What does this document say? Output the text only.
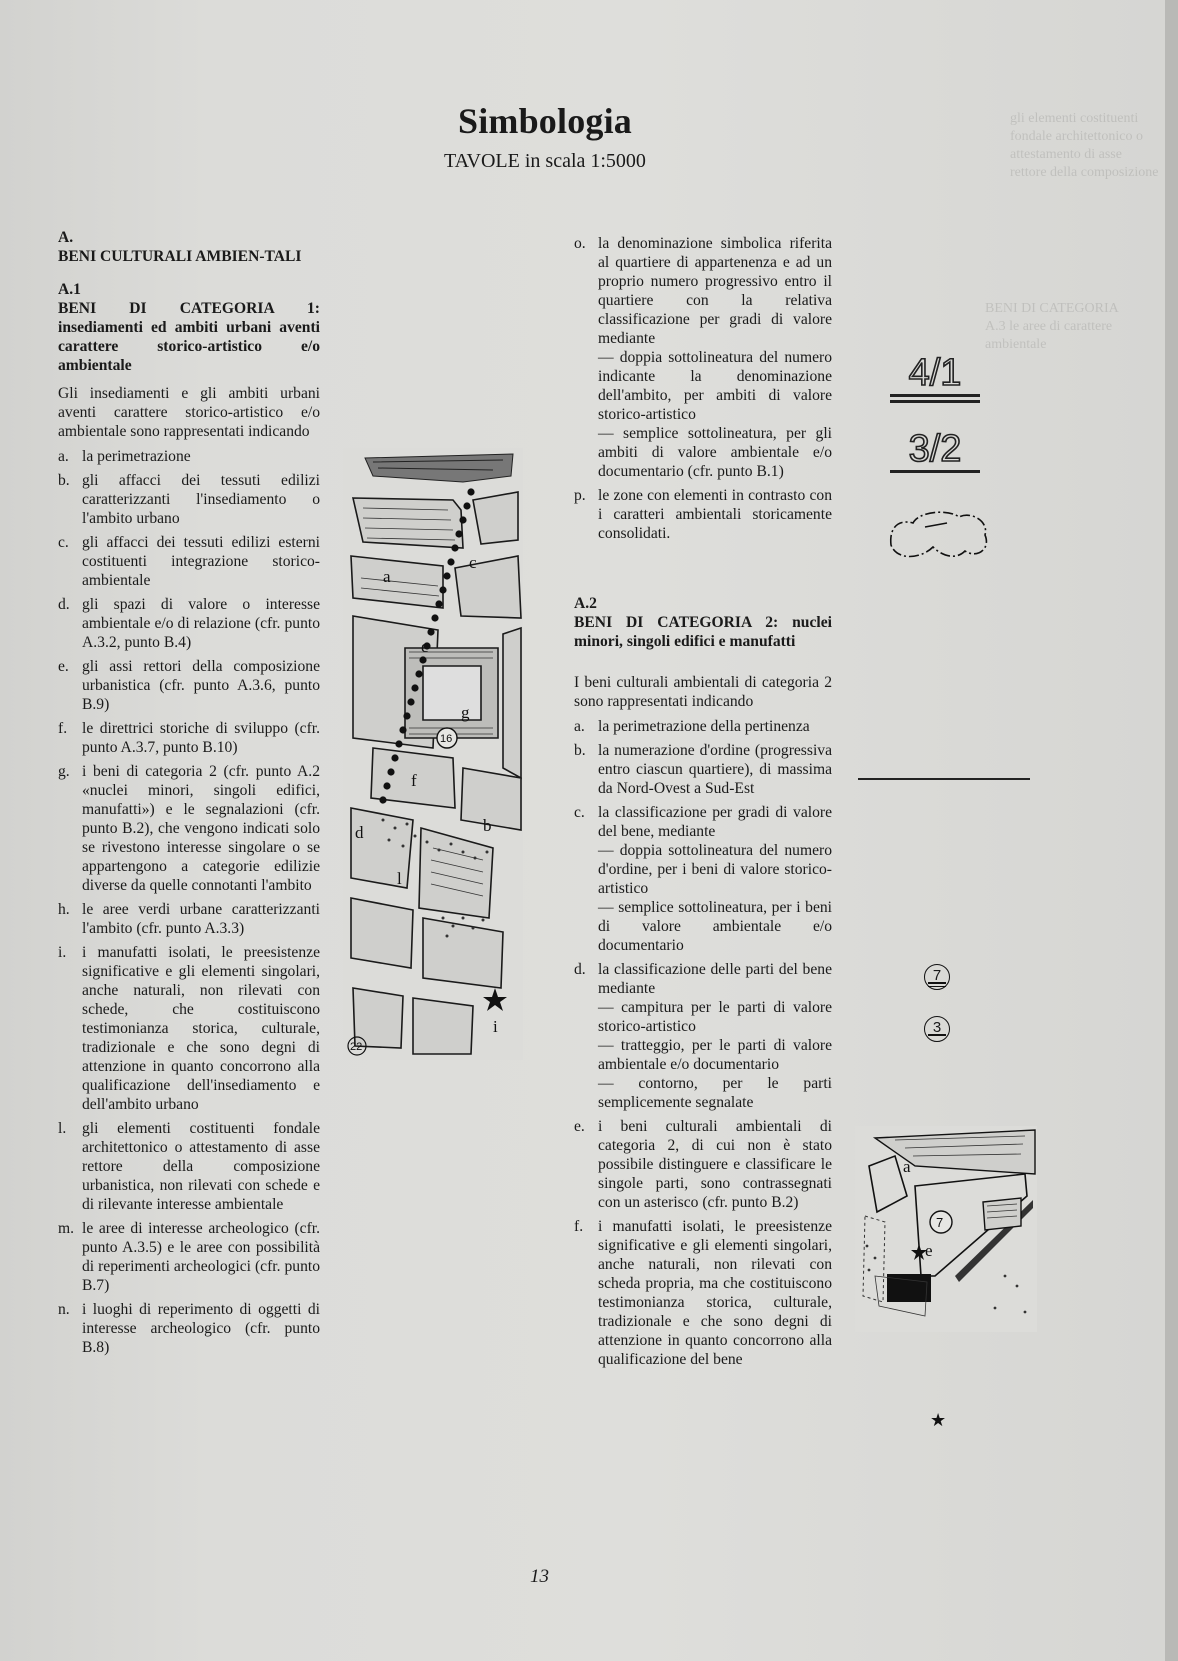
gli elementi costituenti fondale architettonico o attestamento di asse rettore della composizione
BENI DI CATEGORIA A.3 le aree di carattere ambientale
Simbologia
TAVOLE in scala 1:5000
A.
BENI CULTURALI AMBIEN-TALI
A.1
BENI DI CATEGORIA 1: insediamenti ed ambiti urbani aventi carattere storico-artistico e/o ambientale

Gli insediamenti e gli ambiti urbani aventi carattere storico-artistico e/o ambientale sono rappresentati indicando

a. la perimetrazione
b. gli affacci dei tessuti edilizi caratterizzanti l'insediamento o l'ambito urbano
c. gli affacci dei tessuti edilizi esterni costituenti integrazione storico-ambientale
d. gli spazi di valore o interesse ambientale e/o di relazione (cfr. punto A.3.2, punto B.4)
e. gli assi rettori della composizione urbanistica (cfr. punto A.3.6, punto B.9)
f. le direttrici storiche di sviluppo (cfr. punto A.3.7, punto B.10)
g. i beni di categoria 2 (cfr. punto A.2 «nuclei minori, singoli edifici, manufatti») e le segnalazioni (cfr. punto B.2), che vengono indicati solo se rivestono interesse singolare o se appartengono a categorie edilizie diverse da quelle connotanti l'ambito
h. le aree verdi urbane caratterizzanti l'ambito (cfr. punto A.3.3)
i.	i manufatti isolati, le preesistenze significative e gli elementi singolari, anche naturali, non rilevati con schede, che costituiscono testimonianza storica, culturale, tradizionale e che sono degni di attenzione in quanto concorrono alla qualificazione dell'insediamento e dell'ambito urbano
l.	gli elementi costituenti fondale architettonico o attestamento di asse rettore della composizione urbanistica, non rilevati con schede e di rilevante interesse ambientale
m. le aree di interesse archeologico (cfr. punto A.3.5) e le aree con possibilità di reperimenti archeologici (cfr. punto B.7)
n. i luoghi di reperimento di oggetti di interesse archeologico (cfr. punto B.8)
a
c
e
g
f
b
d
l
i
16
22
o. la denominazione simbolica riferita al quartiere di appartenenza e ad un proprio numero progressivo entro il quartiere con la relativa classificazione per gradi di valore mediante
— doppia sottolineatura del numero indicante la denominazione dell'ambito, per ambiti di valore storico-artistico
— semplice sottolineatura, per gli ambiti di valore ambientale e/o documentario (cfr. punto B.1)
p. le zone con elementi in contrasto con i caratteri ambientali storicamente consolidati.
A.2
BENI DI CATEGORIA 2: nuclei minori, singoli edifici e manufatti

I beni culturali ambientali di categoria 2 sono rappresentati indicando

a. la perimetrazione della pertinenza
b. la numerazione d'ordine (progressiva entro ciascun quartiere), di massima da Nord-Ovest a Sud-Est
c. la classificazione per gradi di valore del bene, mediante
— doppia sottolineatura del numero d'ordine, per i beni di valore storico-artistico
— semplice sottolineatura, per i beni di valore ambientale e/o documentario
d. la classificazione delle parti del bene mediante
— campitura per le parti di valore storico-artistico
— tratteggio, per le parti di valore ambientale e/o documentario
— contorno, per le parti semplicemente segnalate
e. i beni culturali ambientali di categoria 2, di cui non è stato possibile distinguere e classificare le singole parti, sono contrassegnati con un asterisco (cfr. punto B.2)
f. i manufatti isolati, le preesistenze significative e gli elementi singolari, anche naturali, non rilevati con scheda propria, ma che costituiscono testimonianza storica, culturale, tradizionale e che sono degni di attenzione in quanto concorrono alla qualificazione del bene
4/1
3/2
7
3
a
e
7
★
13
